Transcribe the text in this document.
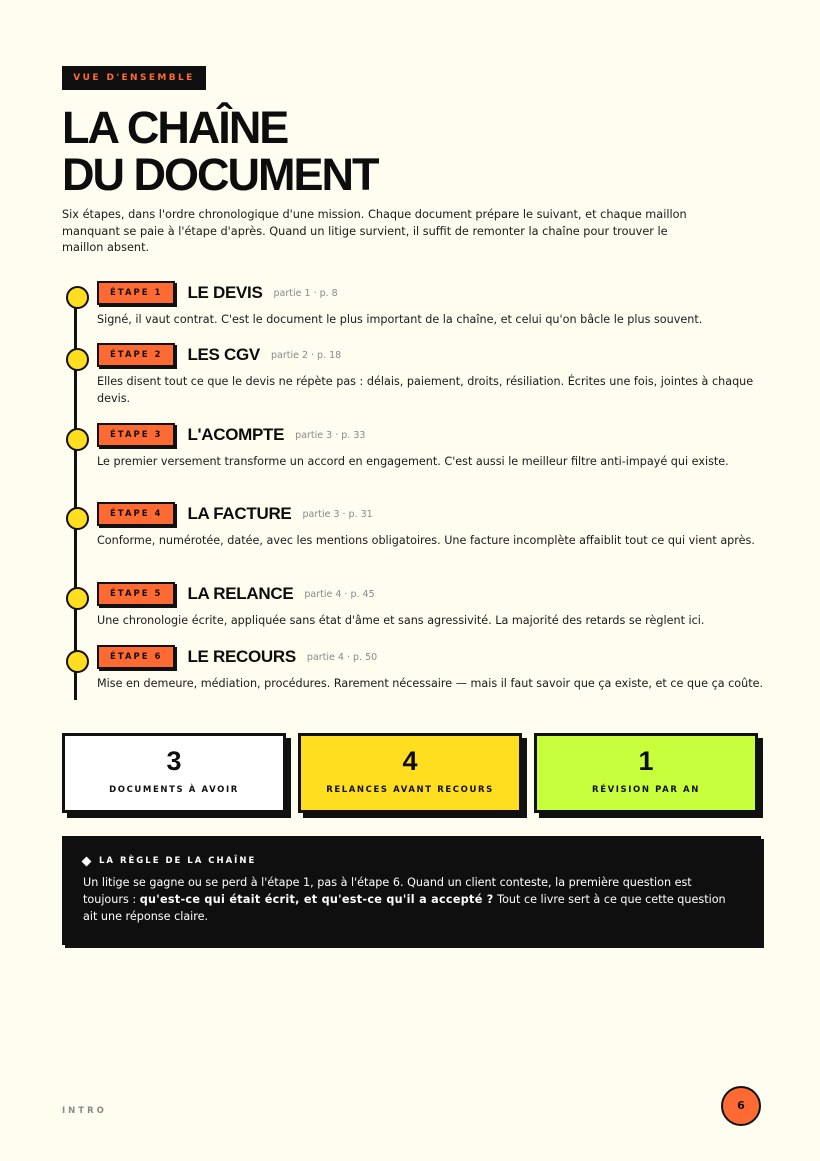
VUE D'ENSEMBLE
LA CHAÎNE
DU DOCUMENT

Six étapes, dans l'ordre chronologique d'une mission. Chaque document prépare le suivant, et chaque maillon manquant se paie à l'étape d'après. Quand un litige survient, il suffit de remonter la chaîne pour trouver le maillon absent.

ÉTAPE 1	LE DEVIS partie 1 · p. 8

Signé, il vaut contrat. C'est le document le plus important de la chaîne, et celui qu'on bâcle le plus souvent.

ÉTAPE 2	LES CGV partie 2 · p. 18

Elles disent tout ce que le devis ne répète pas : délais, paiement, droits, résiliation. Écrites une fois, jointes à chaque devis.

ÉTAPE 3	L'ACOMPTE partie 3 · p. 33

Le premier versement transforme un accord en engagement. C'est aussi le meilleur filtre anti-impayé qui existe.

ÉTAPE 4	LA FACTURE partie 3 · p. 31

Conforme, numérotée, datée, avec les mentions obligatoires. Une facture incomplète affaiblit tout ce qui vient après.

ÉTAPE 5	LA RELANCE partie 4 · p. 45

Une chronologie écrite, appliquée sans état d'âme et sans agressivité. La majorité des retards se règlent ici.

ÉTAPE 6	LE RECOURS partie 4 · p. 50

Mise en demeure, médiation, procédures. Rarement nécessaire — mais il faut savoir que ça existe, et ce que ça coûte.

3
DOCUMENTS À AVOIR
4
RELANCES AVANT RECOURS
1
RÉVISION PAR AN
LA RÈGLE DE LA CHAÎNE

Un litige se gagne ou se perd à l'étape 1, pas à l'étape 6. Quand un client conteste, la première question est toujours : qu'est-ce qui était écrit, et qu'est-ce qu'il a accepté ? Tout ce livre sert à ce que cette question ait une réponse claire.

INTRO	6
